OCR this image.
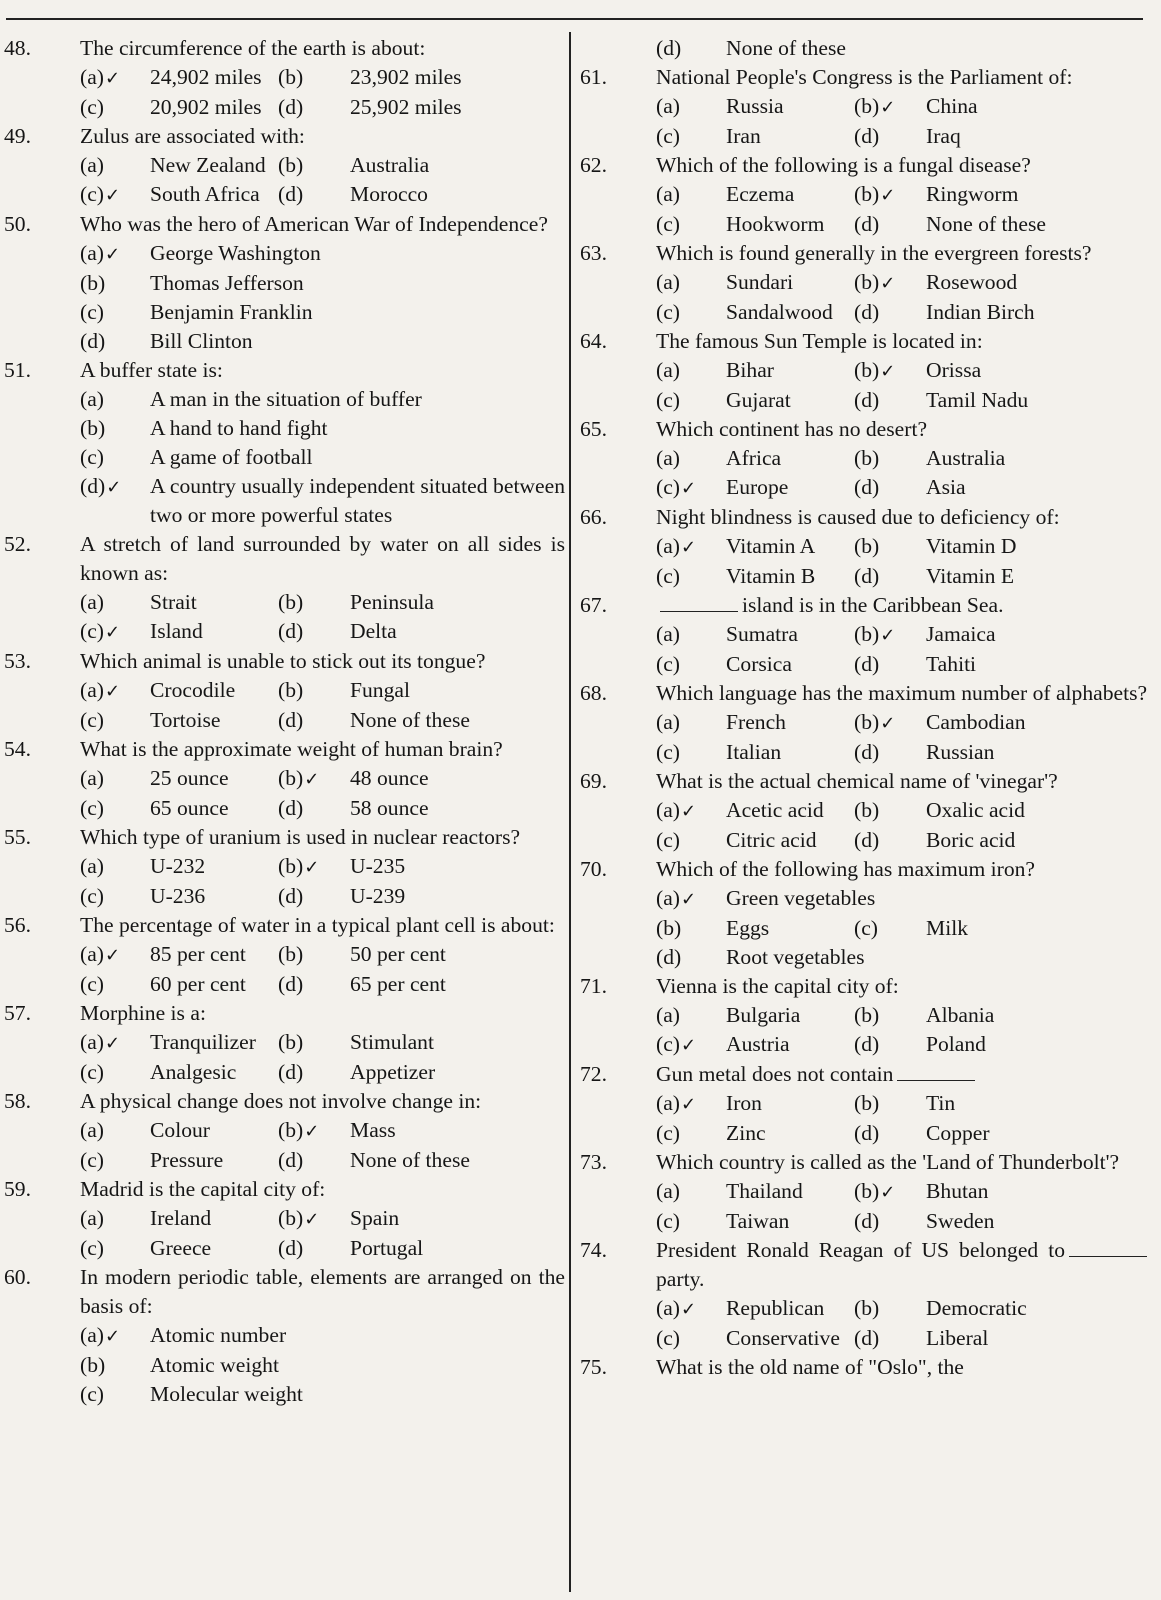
48. The circumference of the earth is about:
(a)✓	24,902 miles (b)	23,902 miles
(c)	20,902 miles (d)	25,902 miles
49. Zulus are associated with:
(a)	New Zealand (b)	Australia
(c)✓	South Africa (d)	Morocco
50. Who was the hero of American War of Independence?
(a)✓	George Washington
(b)	Thomas Jefferson
(c)	Benjamin Franklin
(d)	Bill Clinton
51. A buffer state is:
(a)	A man in the situation of buffer
(b)	A hand to hand fight
(c)	A game of football
(d)✓	A country usually independent situated between two or more powerful states
52. A stretch of land surrounded by water on all sides is known as:
(a)	Strait	(b)	Peninsula
(c)✓	Island	(d)	Delta
53. Which animal is unable to stick out its tongue?
(a)✓	Crocodile	(b)	Fungal
(c)	Tortoise	(d)	None of these
54. What is the approximate weight of human brain?
(a)	25 ounce	(b)✓	48 ounce
(c)	65 ounce	(d)	58 ounce
55. Which type of uranium is used in nuclear reactors?
(a)	U-232	(b)✓	U-235
(c)	U-236	(d)	U-239
56. The percentage of water in a typical plant cell is about:
(a)✓	85 per cent	(b)	50 per cent
(c)	60 per cent	(d)	65 per cent
57. Morphine is a:
(a)✓	Tranquilizer	(b)	Stimulant
(c)	Analgesic	(d)	Appetizer
58. A physical change does not involve change in:
(a)	Colour	(b)✓	Mass
(c)	Pressure	(d)	None of these
59. Madrid is the capital city of:
(a)	Ireland	(b)✓	Spain
(c)	Greece	(d)	Portugal
60. In modern periodic table, elements are arranged on the basis of:
(a)✓	Atomic number
(b)	Atomic weight
(c)	Molecular weight
(d)	None of these
61. National People's Congress is the Parliament of:
(a)	Russia	(b)✓	China
(c)	Iran	(d)	Iraq
62. Which of the following is a fungal disease?
(a)	Eczema	(b)✓	Ringworm
(c)	Hookworm	(d)	None of these
63. Which is found generally in the evergreen forests?
(a)	Sundari	(b)✓	Rosewood
(c)	Sandalwood (d)	Indian Birch
64. The famous Sun Temple is located in:
(a)	Bihar	(b)✓	Orissa
(c)	Gujarat	(d)	Tamil Nadu
65. Which continent has no desert?
(a)	Africa	(b)	Australia
(c)✓	Europe	(d)	Asia
66. Night blindness is caused due to deficiency of:
(a)✓	Vitamin A	(b)	Vitamin D
(c)	Vitamin B	(d)	Vitamin E
67.	island is in the Caribbean Sea.
(a)	Sumatra	(b)✓	Jamaica
(c)	Corsica	(d)	Tahiti
68. Which language has the maximum number of alphabets?
(a)	French	(b)✓	Cambodian
(c)	Italian	(d)	Russian
69. What is the actual chemical name of 'vinegar'?
(a)✓	Acetic acid	(b)	Oxalic acid
(c)	Citric acid	(d)	Boric acid
70. Which of the following has maximum iron?
(a)✓	Green vegetables
(b)	Eggs	(c)	Milk
(d)	Root vegetables
71. Vienna is the capital city of:
(a)	Bulgaria	(b)	Albania
(c)✓	Austria	(d)	Poland
72. Gun metal does not contain
(a)✓	Iron	(b)	Tin
(c)	Zinc	(d)	Copper
73. Which country is called as the 'Land of Thunderbolt'?
(a)	Thailand	(b)✓	Bhutan
(c)	Taiwan	(d)	Sweden
74. President Ronald Reagan of US belonged toparty.
(a)✓	Republican	(b)	Democratic
(c)	Conservative (d)	Liberal
75. What is the old name of "Oslo", the
